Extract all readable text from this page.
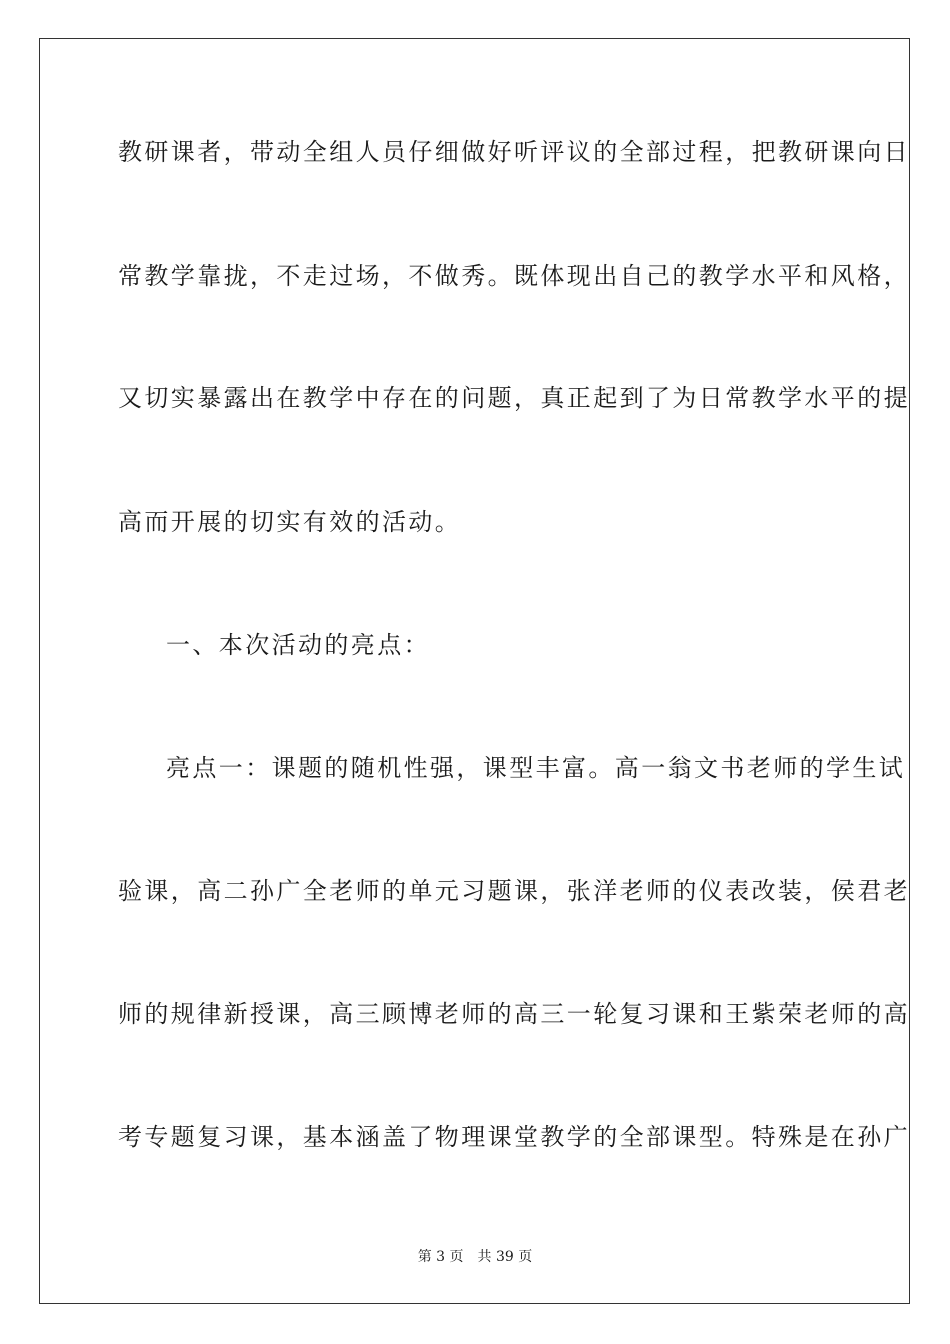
教研课者，带动全组人员仔细做好听评议的全部过程，把教研课向日
常教学靠拢，不走过场，不做秀。既体现出自己的教学水平和风格，
又切实暴露出在教学中存在的问题，真正起到了为日常教学水平的提
高而开展的切实有效的活动。
一、本次活动的亮点：
亮点一：课题的随机性强，课型丰富。高一翁文书老师的学生试
验课，高二孙广全老师的单元习题课，张洋老师的仪表改装，侯君老
师的规律新授课，高三顾博老师的高三一轮复习课和王紫荣老师的高
考专题复习课，基本涵盖了物理课堂教学的全部课型。特殊是在孙广
第 3 页 共 39 页
